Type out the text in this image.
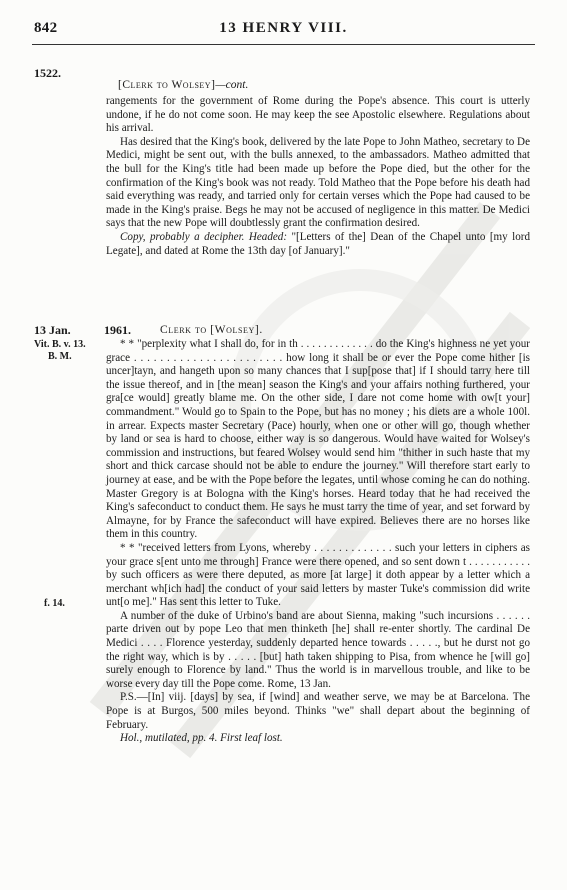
842	13 HENRY VIII.
1522.
[Clerk to Wolsey]—cont.

rangements for the government of Rome during the Pope's absence. This court is utterly undone, if he do not come soon. He may keep the see Apostolic elsewhere. Regulations about his arrival.

Has desired that the King's book, delivered by the late Pope to John Matheo, secretary to De Medici, might be sent out, with the bulls annexed, to the ambassadors. Matheo admitted that the bull for the King's title had been made up before the Pope died, but the other for the confirmation of the King's book was not ready. Told Matheo that the Pope before his death had said everything was ready, and tarried only for certain verses which the Pope had caused to be made in the King's praise. Begs he may not be accused of negligence in this matter. De Medici says that the new Pope will doubtlessly grant the confirmation desired.

Copy, probably a decipher. Headed: "[Letters of the] Dean of the Chapel unto [my lord Legate], and dated at Rome the 13th day [of January]."

13 Jan.	1961.	Clerk to [Wolsey].
Vit. B. v. 13.
B. M.
f. 14.

* * "perplexity what I shall do, for in th . . . . . . . . . . . . . do the King's highness ne yet your grace . . . . . . . . . . . . . . . . . . . . . . . how long it shall be or ever the Pope come hither [is uncer]tayn, and hangeth upon so many chances that I sup[pose that] if I should tarry here till the issue thereof, and in [the mean] season the King's and your affairs nothing furthered, your gra[ce would] greatly blame me. On the other side, I dare not come home with ow[t your] commandment." Would go to Spain to the Pope, but has no money ; his diets are a whole 100l. in arrear. Expects master Secretary (Pace) hourly, when one or other will go, though whether by land or sea is hard to choose, either way is so dangerous. Would have waited for Wolsey's commission and instructions, but feared Wolsey would send him "thither in such haste that my short and thick carcase should not be able to endure the journey." Will therefore start early to journey at ease, and be with the Pope before the legates, until whose coming he can do nothing. Master Gregory is at Bologna with the King's horses. Heard today that he had received the King's safeconduct to conduct them. He says he must tarry the time of year, and set forward by Almayne, for by France the safeconduct will have expired. Believes there are no horses like them in this country.

* * "received letters from Lyons, whereby . . . . . . . . . . . . . such your letters in ciphers as your grace s[ent unto me through] France were there opened, and so sent down t . . . . . . . . . . . by such officers as were there deputed, as more [at large] it doth appear by a letter which a merchant wh[ich had] the conduct of your said letters by master Tuke's commission did write unt[o me]." Has sent this letter to Tuke.

A number of the duke of Urbino's band are about Sienna, making "such incursions . . . . . . parte driven out by pope Leo that men thinketh [he] shall re-enter shortly. The cardinal De Medici . . . . Florence yesterday, suddenly departed hence towards . . . . ., but he durst not go the right way, which is by . . . . . [but] hath taken shipping to Pisa, from whence he [will go] surely enough to Florence by land." Thus the world is in marvellous trouble, and like to be worse every day till the Pope come. Rome, 13 Jan.

P.S.—[In] viij. [days] by sea, if [wind] and weather serve, we may be at Barcelona. The Pope is at Burgos, 500 miles beyond. Thinks "we" shall depart about the beginning of February.

Hol., mutilated, pp. 4. First leaf lost.
